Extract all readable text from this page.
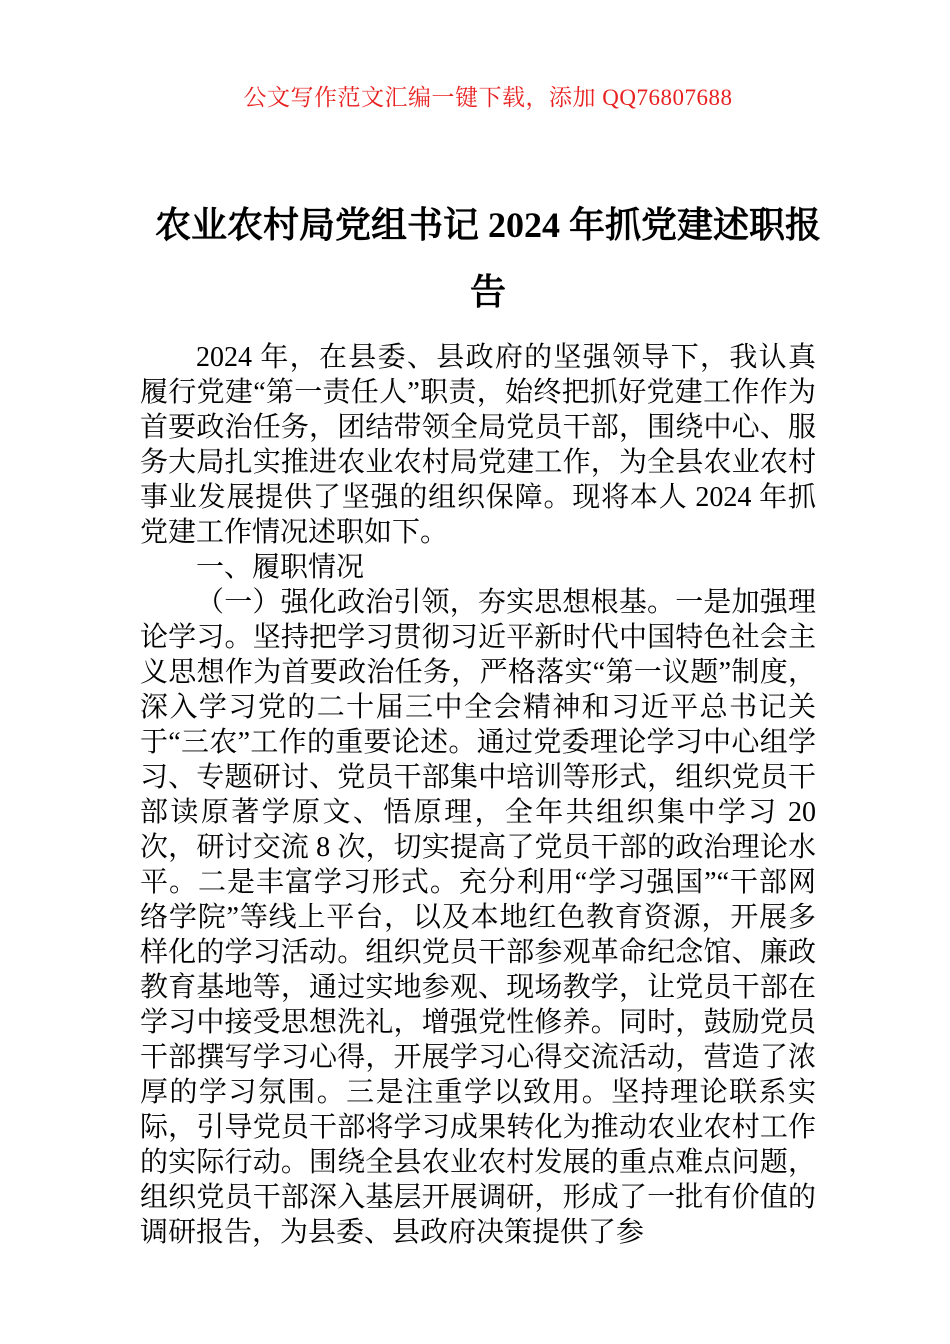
公文写作范文汇编一键下载，添加 QQ76807688
农业农村局党组书记 2024 年抓党建述职报告

2024 年，在县委、县政府的坚强领导下，我认真履行党建“第一责任人”职责，始终把抓好党建工作作为首要政治任务，团结带领全局党员干部，围绕中心、服务大局扎实推进农业农村局党建工作，为全县农业农村事业发展提供了坚强的组织保障。现将本人 2024 年抓党建工作情况述职如下。

一、履职情况

（一）强化政治引领，夯实思想根基。一是加强理论学习。坚持把学习贯彻习近平新时代中国特色社会主义思想作为首要政治任务，严格落实“第一议题”制度，深入学习党的二十届三中全会精神和习近平总书记关于“三农”工作的重要论述。通过党委理论学习中心组学习、专题研讨、党员干部集中培训等形式，组织党员干部读原著学原文、悟原理，全年共组织集中学习 20 次，研讨交流 8 次，切实提高了党员干部的政治理论水平。二是丰富学习形式。充分利用“学习强国”“干部网络学院”等线上平台，以及本地红色教育资源，开展多样化的学习活动。组织党员干部参观革命纪念馆、廉政教育基地等，通过实地参观、现场教学，让党员干部在学习中接受思想洗礼，增强党性修养。同时，鼓励党员干部撰写学习心得，开展学习心得交流活动，营造了浓厚的学习氛围。三是注重学以致用。坚持理论联系实际，引导党员干部将学习成果转化为推动农业农村工作的实际行动。围绕全县农业农村发展的重点难点问题，组织党员干部深入基层开展调研，形成了一批有价值的调研报告，为县委、县政府决策提供了参
